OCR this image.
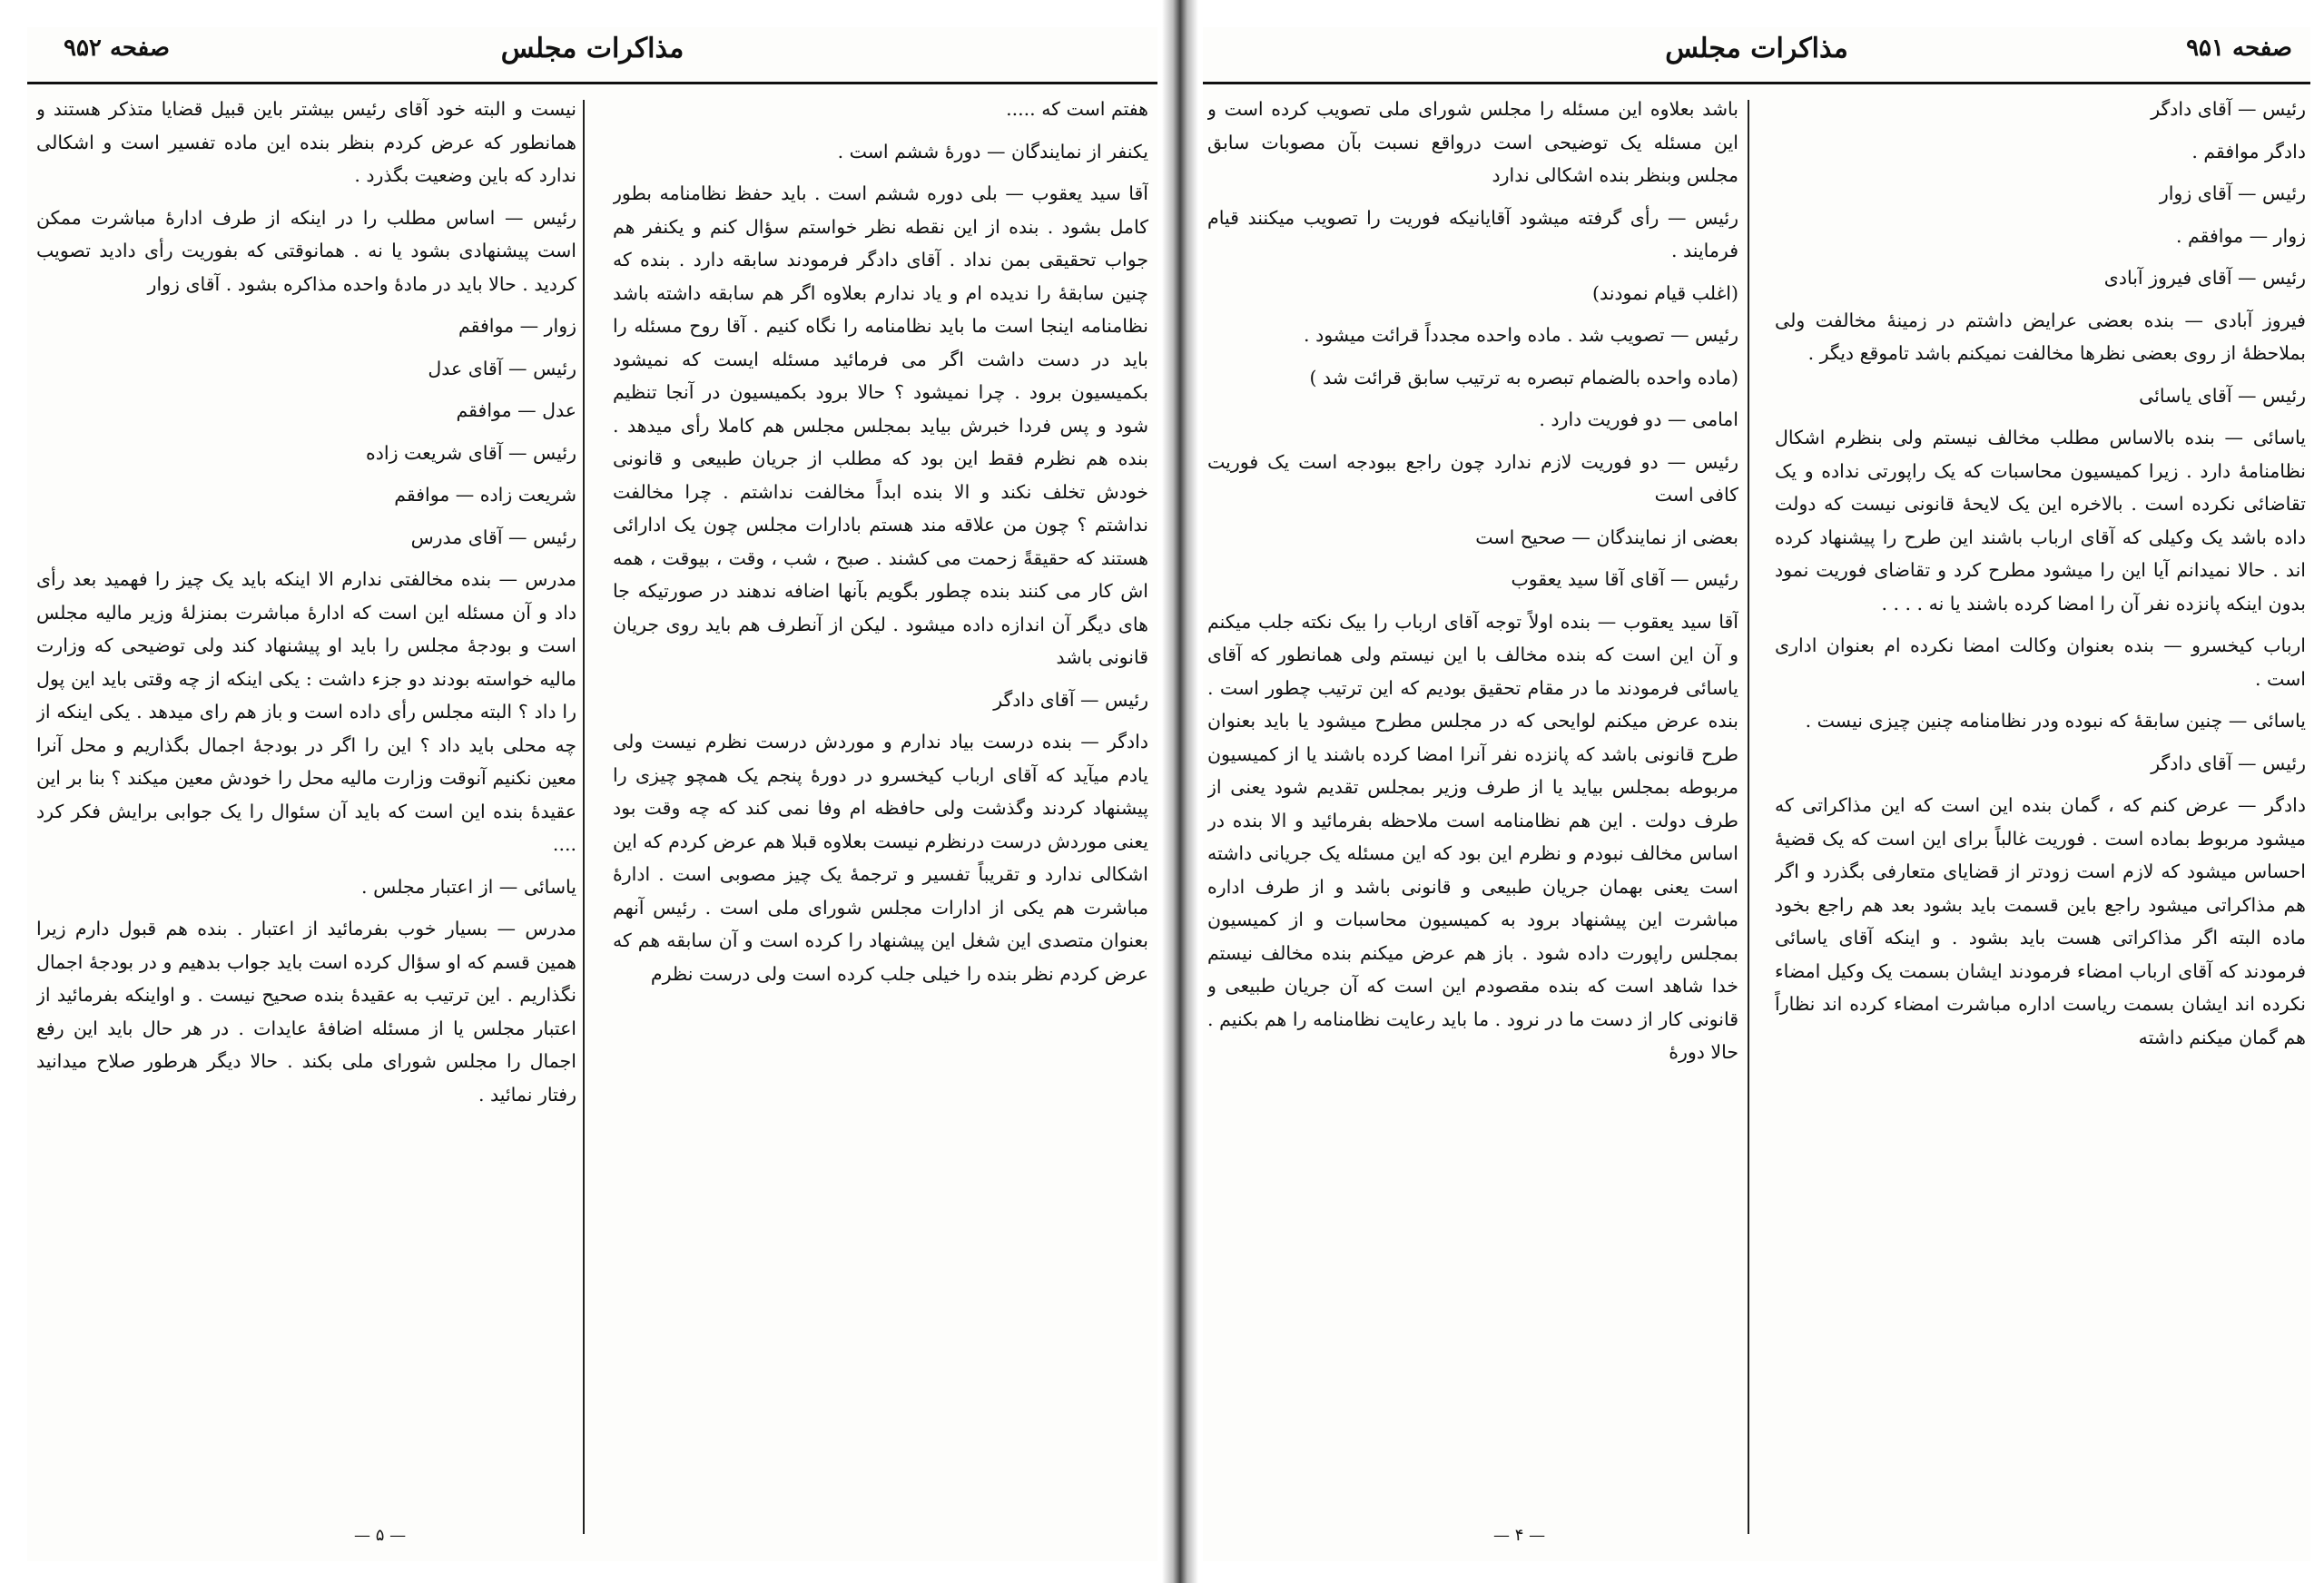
مذاکرات مجلس
صفحه ۹۵۲

هفتم است که .....

یکنفر از نمایندگان — دورهٔ ششم است .

آقا سید یعقوب — بلی دوره ششم است . باید حفظ نظامنامه بطور کامل بشود . بنده از این نقطه نظر خواستم سؤال کنم و یکنفر هم جواب تحقیقی بمن نداد . آقای دادگر فرمودند سابقه دارد . بنده که چنین سابقهٔ را ندیده ام و یاد ندارم بعلاوه اگر هم سابقه داشته باشد نظامنامه اینجا است ما باید نظامنامه را نگاه کنیم . آقا روح مسئله را باید در دست داشت اگر می فرمائید مسئله ایست که نمیشود بکمیسیون برود . چرا نمیشود ؟ حالا برود بکمیسیون در آنجا تنظیم شود و پس فردا خبرش بیاید بمجلس مجلس هم کاملا رأی میدهد . بنده هم نظرم فقط این بود که مطلب از جریان طبیعی و قانونی خودش تخلف نکند و الا بنده ابداً مخالفت نداشتم . چرا مخالفت نداشتم ؟ چون من علاقه مند هستم بادارات مجلس چون یک ادارائی هستند که حقیقةً زحمت می کشند . صبح ، شب ، وقت ، بیوقت ، همه اش کار می کنند بنده چطور بگویم بآنها اضافه ندهند در صورتیکه جا های دیگر آن اندازه داده میشود . لیکن از آنطرف هم باید روی جریان قانونی باشد

رئیس — آقای دادگر

دادگر — بنده درست بیاد ندارم و موردش درست نظرم نیست ولی یادم میآید که آقای ارباب کیخسرو در دورهٔ پنجم یک همچو چیزی را پیشنهاد کردند وگذشت ولی حافظه ام وفا نمی کند که چه وقت بود یعنی موردش درست درنظرم نیست بعلاوه قبلا هم عرض کردم که این اشکالی ندارد و تقریباً تفسیر و ترجمهٔ یک چیز مصوبی است . ادارهٔ مباشرت هم یکی از ادارات مجلس شورای ملی است . رئیس آنهم بعنوان متصدی این شغل این پیشنهاد را کرده است و آن سابقه هم که عرض کردم نظر بنده را خیلی جلب کرده است ولی درست نظرم

نیست و البته خود آقای رئیس بیشتر باین قبیل قضایا متذکر هستند و همانطور که عرض کردم بنظر بنده این ماده تفسیر است و اشکالی ندارد که باین وضعیت بگذرد .

رئیس — اساس مطلب را در اینکه از طرف ادارهٔ مباشرت ممکن است پیشنهادی بشود یا نه . همانوقتی که بفوریت رأی دادید تصویب کردید . حالا باید در مادهٔ واحده مذاکره بشود . آقای زوار

زوار — موافقم

رئیس — آقای عدل

عدل — موافقم

رئیس — آقای شریعت زاده

شریعت زاده — موافقم

رئیس — آقای مدرس

مدرس — بنده مخالفتی ندارم الا اینکه باید یک چیز را فهمید بعد رأی داد و آن مسئله این است که ادارهٔ مباشرت بمنزلهٔ وزیر مالیه مجلس است و بودجهٔ مجلس را باید او پیشنهاد کند ولی توضیحی که وزارت مالیه خواسته بودند دو جزء داشت : یکی اینکه از چه وقتی باید این پول را داد ؟ البته مجلس رأی داده است و باز هم رای میدهد . یکی اینکه از چه محلی باید داد ؟ این را اگر در بودجهٔ اجمال بگذاریم و محل آنرا معین نکنیم آنوقت وزارت مالیه محل را خودش معین میکند ؟ بنا بر این عقیدهٔ بنده این است که باید آن سئوال را یک جوابی برایش فکر کرد ....

یاسائی — از اعتبار مجلس .

مدرس — بسیار خوب بفرمائید از اعتبار . بنده هم قبول دارم زیرا همین قسم که او سؤال کرده است باید جواب بدهیم و در بودجهٔ اجمال نگذاریم . این ترتیب به عقیدهٔ بنده صحیح نیست . و اواینکه بفرمائید از اعتبار مجلس یا از مسئله اضافهٔ عایدات . در هر حال باید این رفع اجمال را مجلس شورای ملی بکند . حالا دیگر هرطور صلاح میدانید رفتار نمائید .

— ۵ —
مذاکرات مجلس	صفحه ۹۵۱

رئیس — آقای دادگر

دادگر موافقم .

رئیس — آقای زوار

زوار — موافقم .

رئیس — آقای فیروز آبادی

فیروز آبادی — بنده بعضی عرایض داشتم در زمینهٔ مخالفت ولی بملاحظهٔ از روی بعضی نظرها مخالفت نمیکنم باشد تاموقع دیگر .

رئیس — آقای یاسائی

یاسائی — بنده بالاساس مطلب مخالف نیستم ولی بنظرم اشکال نظامنامهٔ دارد . زیرا کمیسیون محاسبات که یک راپورتی نداده و یک تقاضائی نکرده است . بالاخره این یک لایحهٔ قانونی نیست که دولت داده باشد یک وکیلی که آقای ارباب باشند این طرح را پیشنهاد کرده اند . حالا نمیدانم آیا این را میشود مطرح کرد و تقاضای فوریت نمود بدون اینکه پانزده نفر آن را امضا کرده باشند یا نه . . . .

ارباب کیخسرو — بنده بعنوان وکالت امضا نکرده ام بعنوان اداری است .

یاسائی — چنین سابقهٔ که نبوده ودر نظامنامه چنین چیزی نیست .

رئیس — آقای دادگر

دادگر — عرض کنم که ، گمان بنده این است که این مذاکراتی که میشود مربوط بماده است . فوریت غالباً برای این است که یک قضیهٔ احساس میشود که لازم است زودتر از قضایای متعارفی بگذرد و اگر هم مذاکراتی میشود راجع باین قسمت باید بشود بعد هم راجع بخود ماده البته اگر مذاکراتی هست باید بشود . و اینکه آقای یاسائی فرمودند که آقای ارباب امضاء فرمودند ایشان بسمت یک وکیل امضاء نکرده اند ایشان بسمت ریاست اداره مباشرت امضاء کرده اند نظاراً هم گمان میکنم داشته

باشد بعلاوه این مسئله را مجلس شورای ملی تصویب کرده است و این مسئله یک توضیحی است درواقع نسبت بآن مصوبات سابق مجلس وبنظر بنده اشکالی ندارد

رئیس — رأی گرفته میشود آقایانیکه فوریت را تصویب میکنند قیام فرمایند .

(اغلب قیام نمودند)

رئیس — تصویب شد . ماده واحده مجدداً قرائت میشود .

(ماده واحده بالضمام تبصره به ترتیب سابق قرائت شد )

امامی — دو فوریت دارد .

رئیس — دو فوریت لازم ندارد چون راجع ببودجه است یک فوریت کافی است

بعضی از نمایندگان — صحیح است

رئیس — آقای آقا سید یعقوب

آقا سید یعقوب — بنده اولاً توجه آقای ارباب را بیک نکته جلب میکنم و آن این است که بنده مخالف با این نیستم ولی همانطور که آقای یاسائی فرمودند ما در مقام تحقیق بودیم که این ترتیب چطور است . بنده عرض میکنم لوایحی که در مجلس مطرح میشود یا باید بعنوان طرح قانونی باشد که پانزده نفر آنرا امضا کرده باشند یا از کمیسیون مربوطه بمجلس بیاید یا از طرف وزیر بمجلس تقدیم شود یعنی از طرف دولت . این هم نظامنامه است ملاحظه بفرمائید و الا بنده در اساس مخالف نبودم و نظرم این بود که این مسئله یک جریانی داشته است یعنی بهمان جریان طبیعی و قانونی باشد و از طرف اداره مباشرت این پیشنهاد برود به کمیسیون محاسبات و از کمیسیون بمجلس راپورت داده شود . باز هم عرض میکنم بنده مخالف نیستم خدا شاهد است که بنده مقصودم این است که آن جریان طبیعی و قانونی کار از دست ما در نرود . ما باید رعایت نظامنامه را هم بکنیم . حالا دورهٔ

— ۴ —
